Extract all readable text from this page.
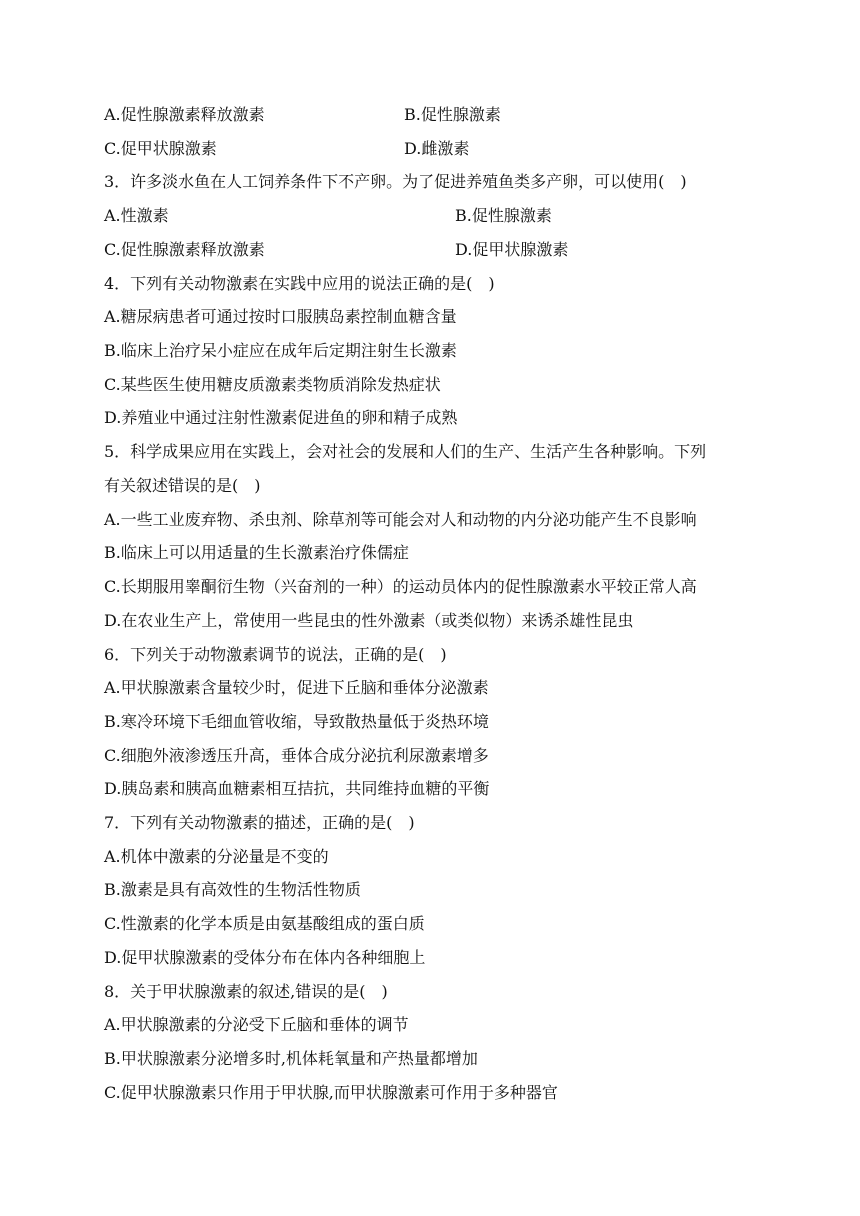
A.促性腺激素释放激素	B.促性腺激素
C.促甲状腺激素	D.雌激素
3．许多淡水鱼在人工饲养条件下不产卵。为了促进养殖鱼类多产卵，可以使用(　)
A.性激素	B.促性腺激素
C.促性腺激素释放激素	D.促甲状腺激素
4．下列有关动物激素在实践中应用的说法正确的是(　)
A.糖尿病患者可通过按时口服胰岛素控制血糖含量
B.临床上治疗呆小症应在成年后定期注射生长激素
C.某些医生使用糖皮质激素类物质消除发热症状
D.养殖业中通过注射性激素促进鱼的卵和精子成熟
5．科学成果应用在实践上，会对社会的发展和人们的生产、生活产生各种影响。下列
有关叙述错误的是(　)
A.一些工业废弃物、杀虫剂、除草剂等可能会对人和动物的内分泌功能产生不良影响
B.临床上可以用适量的生长激素治疗侏儒症
C.长期服用睾酮衍生物（兴奋剂的一种）的运动员体内的促性腺激素水平较正常人高
D.在农业生产上，常使用一些昆虫的性外激素（或类似物）来诱杀雄性昆虫
6．下列关于动物激素调节的说法，正确的是(　)
A.甲状腺激素含量较少时，促进下丘脑和垂体分泌激素
B.寒冷环境下毛细血管收缩，导致散热量低于炎热环境
C.细胞外液渗透压升高，垂体合成分泌抗利尿激素增多
D.胰岛素和胰高血糖素相互拮抗，共同维持血糖的平衡
7．下列有关动物激素的描述，正确的是(　)
A.机体中激素的分泌量是不变的
B.激素是具有高效性的生物活性物质
C.性激素的化学本质是由氨基酸组成的蛋白质
D.促甲状腺激素的受体分布在体内各种细胞上
8．关于甲状腺激素的叙述,错误的是(　)
A.甲状腺激素的分泌受下丘脑和垂体的调节
B.甲状腺激素分泌增多时,机体耗氧量和产热量都增加
C.促甲状腺激素只作用于甲状腺,而甲状腺激素可作用于多种器官
